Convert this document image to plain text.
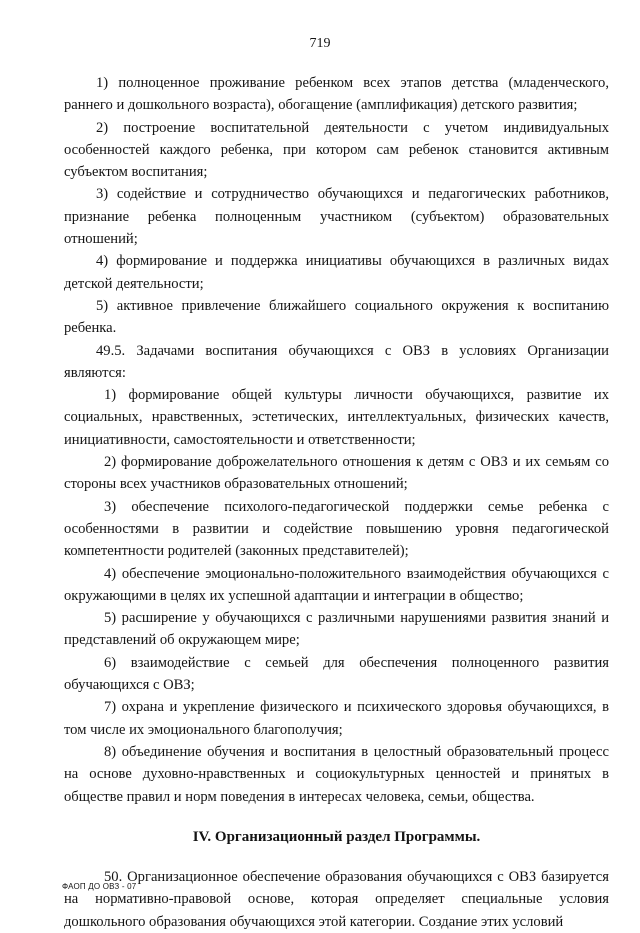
719

1) полноценное проживание ребенком всех этапов детства (младенческого, раннего и дошкольного возраста), обогащение (амплификация) детского развития;

2) построение воспитательной деятельности с учетом индивидуальных особенностей каждого ребенка, при котором сам ребенок становится активным субъектом воспитания;

3) содействие и сотрудничество обучающихся и педагогических работников, признание ребенка полноценным участником (субъектом) образовательных отношений;

4) формирование и поддержка инициативы обучающихся в различных видах детской деятельности;

5) активное привлечение ближайшего социального окружения к воспитанию ребенка.

49.5. Задачами воспитания обучающихся с ОВЗ в условиях Организации являются:

1) формирование общей культуры личности обучающихся, развитие их социальных, нравственных, эстетических, интеллектуальных, физических качеств, инициативности, самостоятельности и ответственности;

2) формирование доброжелательного отношения к детям с ОВЗ и их семьям со стороны всех участников образовательных отношений;

3) обеспечение психолого-педагогической поддержки семье ребенка с особенностями в развитии и содействие повышению уровня педагогической компетентности родителей (законных представителей);

4) обеспечение эмоционально-положительного взаимодействия обучающихся с окружающими в целях их успешной адаптации и интеграции в общество;

5) расширение у обучающихся с различными нарушениями развития знаний и представлений об окружающем мире;

6) взаимодействие с семьей для обеспечения полноценного развития обучающихся с ОВЗ;

7) охрана и укрепление физического и психического здоровья обучающихся, в том числе их эмоционального благополучия;

8) объединение обучения и воспитания в целостный образовательный процесс на основе духовно-нравственных и социокультурных ценностей и принятых в обществе правил и норм поведения в интересах человека, семьи, общества.

IV. Организационный раздел Программы.

50. Организационное обеспечение образования обучающихся с ОВЗ базируется на нормативно-правовой основе, которая определяет специальные условия дошкольного образования обучающихся этой категории. Создание этих условий

ФАОП ДО ОВЗ - 07
